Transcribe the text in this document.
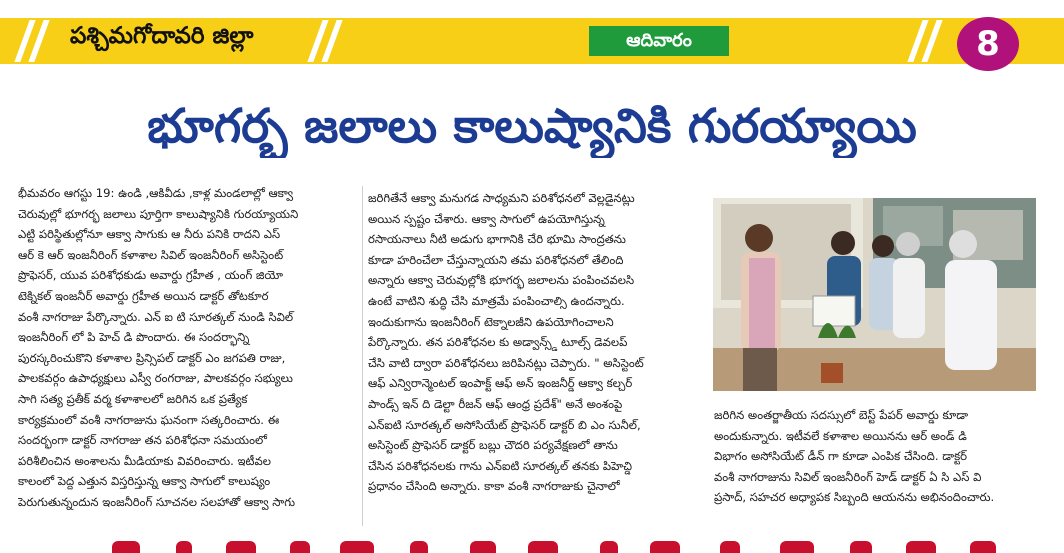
పశ్చిమగోదావరి జిల్లా	ఆదివారం	8
భూగర్భ జలాలు కాలుష్యానికి గురయ్యాయి

భీమవరం ఆగస్టు 19: ఉండి ,ఆకివీడు ,కాళ్ల మండలాల్లో ఆక్వా

చెరువుల్లో భూగర్భ జలాలు పూర్తిగా కాలుష్యానికి గురయ్యాయని

ఎట్టి పరిస్థితుల్లోనూ ఆక్వా సాగుకు ఆ నీరు పనికి రాదని ఎస్

ఆర్ కె ఆర్ ఇంజనీరింగ్ కళాశాల సివిల్ ఇంజనీరింగ్ అసిస్టెంట్

ప్రొఫెసర్, యువ పరిశోధకుడు అవార్డు గ్రహీత , యంగ్ జియో

టెక్నికల్ ఇంజనీర్ అవార్డు గ్రహీత అయిన డాక్టర్ తోటకూర

వంశీ నాగరాజు పేర్కొన్నారు. ఎన్ ఐ టి సూరత్కల్ నుండి సివిల్

ఇంజనీరింగ్ లో పి హెచ్ డి పొందారు. ఈ సందర్భాన్ని

పురస్కరించుకొని కళాశాల ప్రిన్సిపల్ డాక్టర్ ఎం జగపతి రాజు,

పాలకవర్గం ఉపాధ్యక్షులు ఎస్వీ రంగరాజు, పాలకవర్గం సభ్యులు

సాగి సత్య ప్రతీక్ వర్మ కళాశాలలో జరిగిన ఒక ప్రత్యేక

కార్యక్రమంలో వంశీ నాగరాజును ఘనంగా సత్కరించారు. ఈ

సందర్భంగా డాక్టర్ నాగరాజు తన పరిశోధనా సమయంలో

పరిశీలించిన అంశాలను మీడియాకు వివరించారు. ఇటీవల

కాలంలో పెద్ద ఎత్తున విస్తరిస్తున్న ఆక్వా సాగులో కాలుష్యం

పెరుగుతున్నందున ఇంజనీరింగ్ సూచనల సలహాతో ఆక్వా సాగు

జరిగితేనే ఆక్వా మనుగడ సాధ్యమని పరిశోధనలో వెల్లడైనట్లు

అయిన స్పష్టం చేశారు. ఆక్వా సాగులో ఉపయోగిస్తున్న

రసాయనాలు నీటి అడుగు భాగానికి చేరి భూమి సాంద్రతను

కూడా హరించేలా చేస్తున్నాయని తమ పరిశోధనలో తేలింది

అన్నారు ఆక్వా చెరువుల్లోకి భూగర్భ జలాలను పంపించవలసి

ఉంటే వాటిని శుద్ధి చేసి మాత్రమే పంపించాల్సి ఉందన్నారు.

ఇందుకుగాను ఇంజనీరింగ్ టెక్నాలజీని ఉపయోగించాలని

పేర్కొన్నారు. తన పరిశోధనల కు అడ్వాన్స్డ్ టూల్స్ డెవలప్

చేసి వాటి ద్వారా పరిశోధనలు జరిపినట్లు చెప్పారు. " అసిస్టెంట్

ఆఫ్ ఎన్విరాన్మెంటల్ ఇంపాక్ట్ ఆఫ్ అన్ ఇంజనీర్డ్ ఆక్వా కల్చర్

పాండ్స్ ఇన్ ది డెల్టా రీజన్ ఆఫ్ ఆంధ్ర ప్రదేశ్" అనే అంశంపై

ఎన్ఐటి సూరత్కల్ అసోసియేట్ ప్రొఫెసర్ డాక్టర్ బి ఎం సునీల్,

అసిస్టెంట్ ప్రొఫెసర్ డాక్టర్ బబ్లు చౌదరి పర్యవేక్షణలో తాను

చేసిన పరిశోధనలకు గాను ఎన్ఐటి సూరత్కల్ తనకు పిహెచ్డి

ప్రధానం చేసింది అన్నారు. కాకా వంశీ నాగరాజుకు చైనాలో

జరిగిన అంతర్జాతీయ సదస్సులో బెస్ట్ పేపర్ అవార్డు కూడా

అందుకున్నారు. ఇటీవలే కళాశాల అయినను ఆర్ అండ్ డి

విభాగం అసోసియేట్ డీన్ గా కూడా ఎంపిక చేసింది. డాక్టర్

వంశీ నాగరాజును సివిల్ ఇంజనీరింగ్ హెడ్ డాక్టర్ ఏ సి ఎస్ వి

ప్రసాద్, సహచర అధ్యాపక సిబ్బంది ఆయనను అభినందించారు.
